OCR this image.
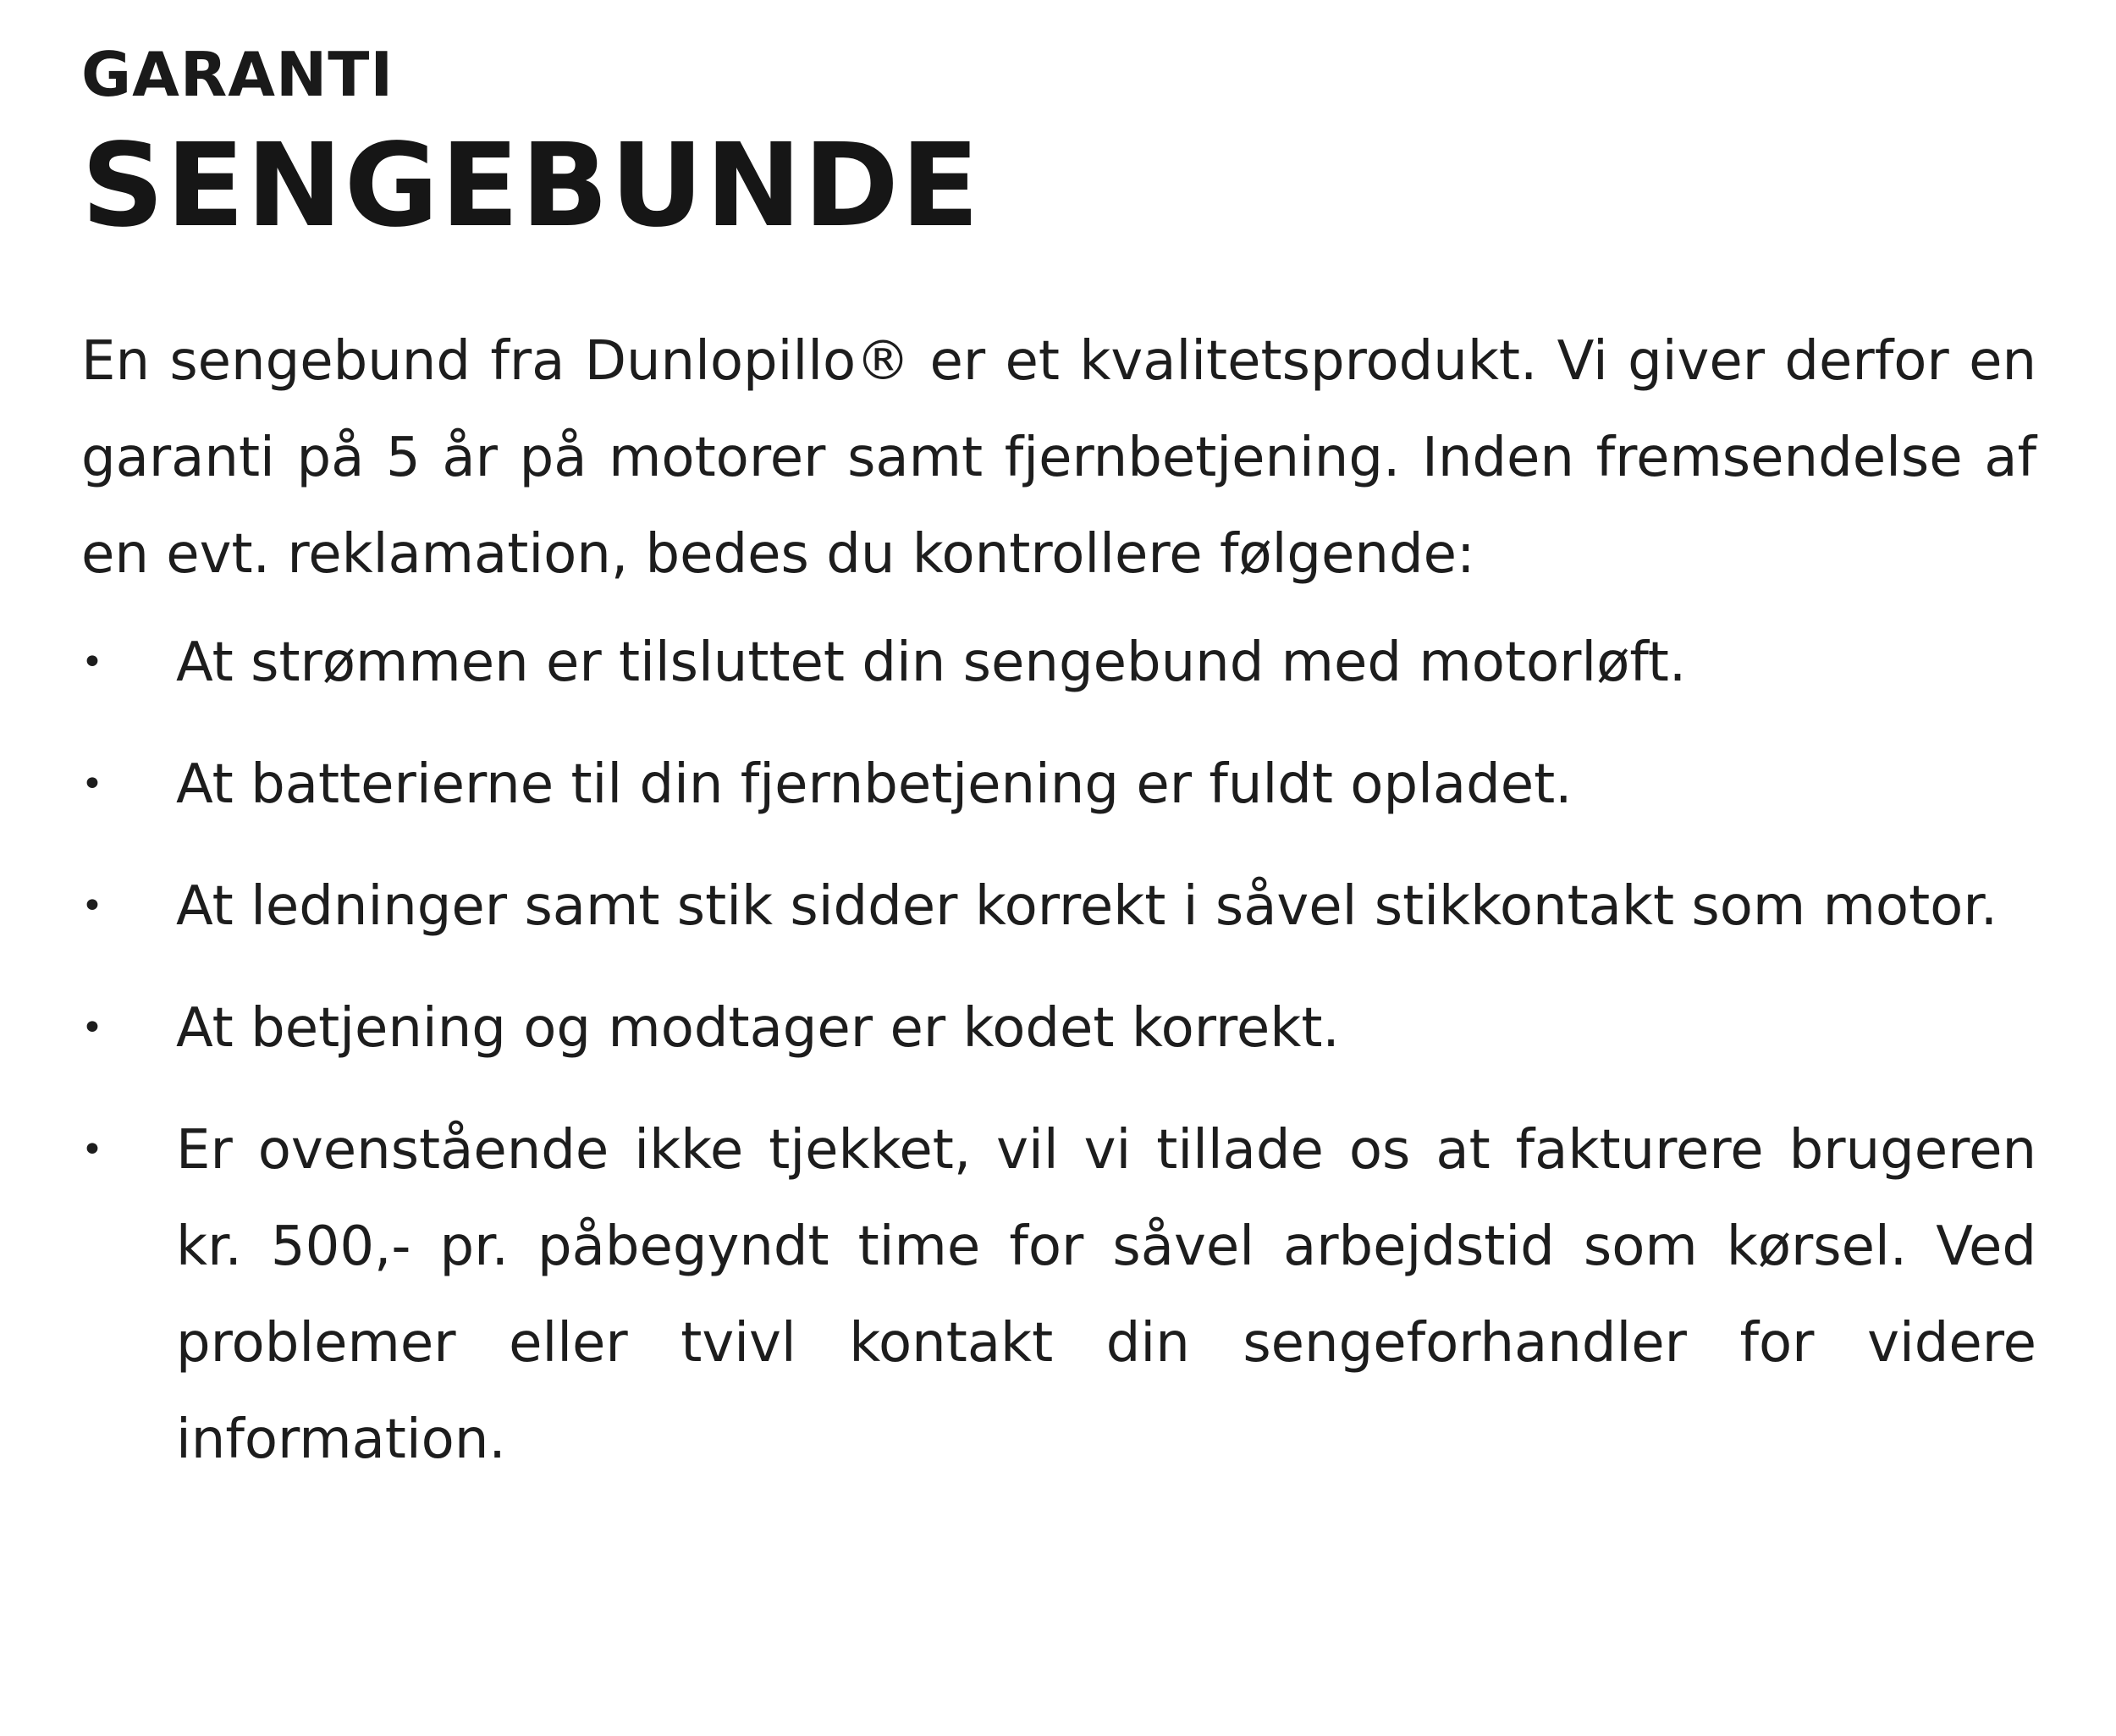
GARANTI
SENGEBUNDE

En sengebund fra Dunlopillo® er et kvalitetsprodukt. Vi giver derfor en garanti på 5 år på motorer samt fjernbetjening. Inden fremsendelse af en evt. reklamation, bedes du kontrollere følgende:

• At strømmen er tilsluttet din sengebund med motorløft.
• At batterierne til din fjernbetjening er fuldt opladet.
• At ledninger samt stik sidder korrekt i såvel stikkontakt som motor.
• At betjening og modtager er kodet korrekt.
• Er ovenstående ikke tjekket, vil vi tillade os at fakturere brugeren kr. 500,- pr. påbegyndt time for såvel arbejdstid som kørsel. Ved problemer eller tvivl kontakt din sengeforhandler for videre information.
